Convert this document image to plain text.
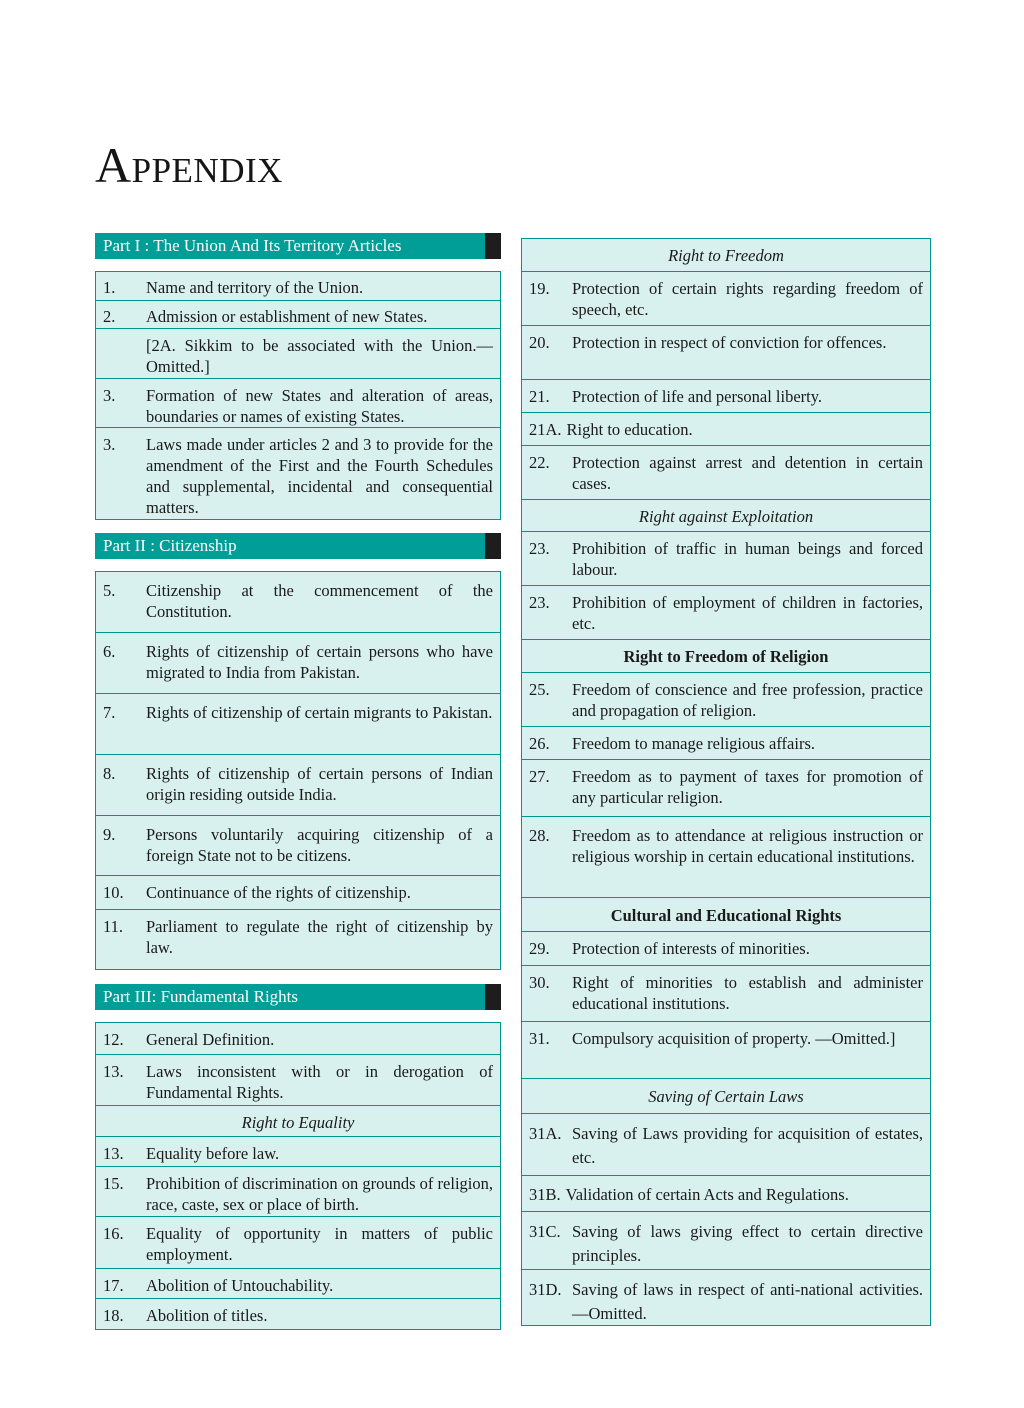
Appendix
Part I : The Union And Its Territory Articles
1.	Name and territory of the Union.
2.	Admission or establishment of new States.
[2A. Sikkim to be associated with the Union.—Omitted.]
3.	Formation of new States and alteration of areas, boundaries or names of existing States.
3.	Laws made under articles 2 and 3 to provide for the amendment of the First and the Fourth Schedules and supplemental, incidental and consequential matters.
Part II : Citizenship
5.	Citizenship at the commencement of the Constitution.
6.	Rights of citizenship of certain persons who have migrated to India from Pakistan.
7.	Rights of citizenship of certain migrants to Pakistan.
8.	Rights of citizenship of certain persons of Indian origin residing outside India.
9.	Persons voluntarily acquiring citizenship of a foreign State not to be citizens.
10.	Continuance of the rights of citizenship.
11.	Parliament to regulate the right of citizenship by law.
Part III: Fundamental Rights
12.	General Definition.
13.	Laws inconsistent with or in derogation of Fundamental Rights.
Right to Equality
13.	Equality before law.
15.	Prohibition of discrimination on grounds of religion, race, caste, sex or place of birth.
16.	Equality of opportunity in matters of public employment.
17.	Abolition of Untouchability.
18.	Abolition of titles.
Right to Freedom
19.	Protection of certain rights regarding freedom of speech, etc.
20.	Protection in respect of conviction for offences.
21.	Protection of life and personal liberty.
21A. Right to education.
22.	Protection against arrest and detention in certain cases.
Right against Exploitation
23.	Prohibition of traffic in human beings and forced labour.
23.	Prohibition of employment of children in factories, etc.
Right to Freedom of Religion
25.	Freedom of conscience and free profession, practice and propagation of religion.
26.	Freedom to manage religious affairs.
27.	Freedom as to payment of taxes for promotion of any particular religion.
28.	Freedom as to attendance at religious instruction or religious worship in certain educational institutions.
Cultural and Educational Rights
29.	Protection of interests of minorities.
30.	Right of minorities to establish and administer educational institutions.
31.	Compulsory acquisition of property. —Omitted.]
Saving of Certain Laws
31A. Saving of Laws providing for acquisition of estates, etc.
31B. Validation of certain Acts and Regulations.
31C. Saving of laws giving effect to certain directive principles.
31D. Saving of laws in respect of anti-national activities.—Omitted.
